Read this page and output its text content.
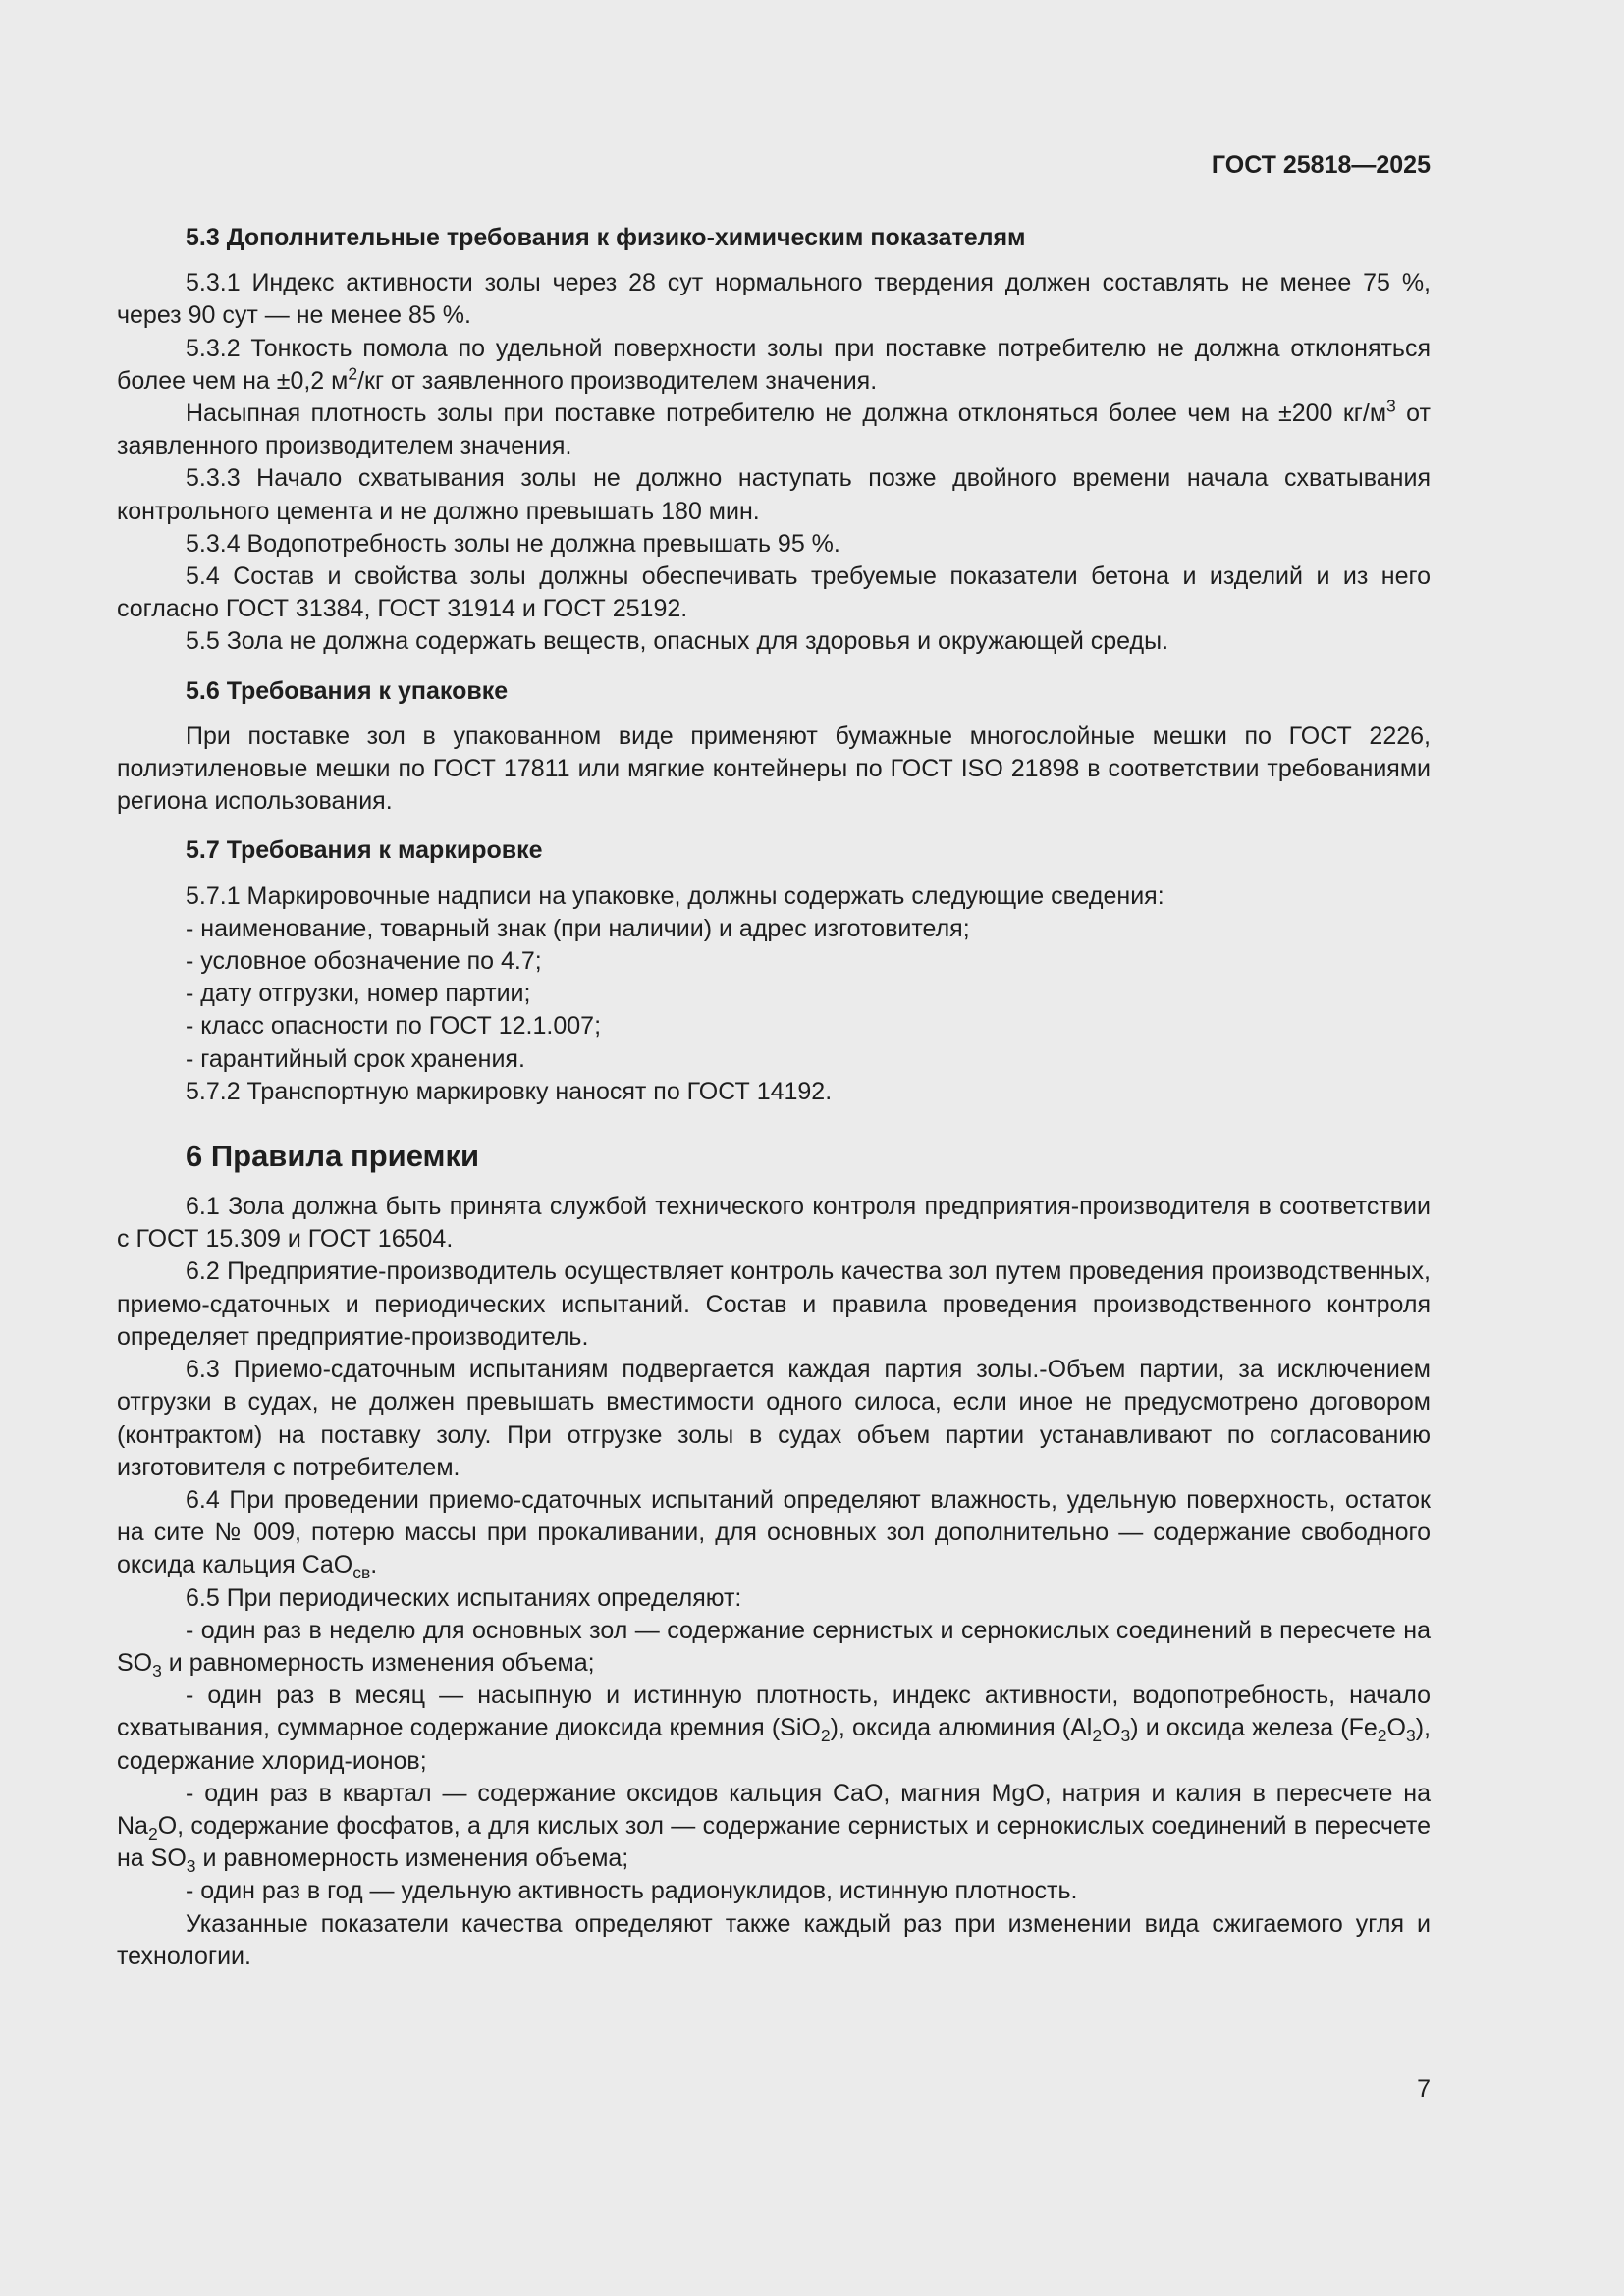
ГОСТ 25818—2025
5.3 Дополнительные требования к физико-химическим показателям

5.3.1 Индекс активности золы через 28 сут нормального твердения должен составлять не менее 75 %, через 90 сут — не менее 85 %.

5.3.2 Тонкость помола по удельной поверхности золы при поставке потребителю не должна отклоняться более чем на ±0,2 $м^2/кг$ от заявленного производителем значения.

Насыпная плотность золы при поставке потребителю не должна отклоняться более чем на ±200 $кг/м^3$ от заявленного производителем значения.

5.3.3 Начало схватывания золы не должно наступать позже двойного времени начала схватывания контрольного цемента и не должно превышать 180 мин.

5.3.4 Водопотребность золы не должна превышать 95 %.

5.4 Состав и свойства золы должны обеспечивать требуемые показатели бетона и изделий и из него согласно ГОСТ 31384, ГОСТ 31914 и ГОСТ 25192.

5.5 Зола не должна содержать веществ, опасных для здоровья и окружающей среды.

5.6 Требования к упаковке

При поставке зол в упакованном виде применяют бумажные многослойные мешки по ГОСТ 2226, полиэтиленовые мешки по ГОСТ 17811 или мягкие контейнеры по ГОСТ ISO 21898 в соответствии требованиями региона использования.

5.7 Требования к маркировке

5.7.1 Маркировочные надписи на упаковке, должны содержать следующие сведения:

- наименование, товарный знак (при наличии) и адрес изготовителя;
- условное обозначение по 4.7;
- дату отгрузки, номер партии;
- класс опасности по ГОСТ 12.1.007;
- гарантийный срок хранения.

5.7.2 Транспортную маркировку наносят по ГОСТ 14192.

6 Правила приемки

6.1 Зола должна быть принята службой технического контроля предприятия-производителя в соответствии с ГОСТ 15.309 и ГОСТ 16504.

6.2 Предприятие-производитель осуществляет контроль качества зол путем проведения производственных, приемо-сдаточных и периодических испытаний. Состав и правила проведения производственного контроля определяет предприятие-производитель.

6.3 Приемо-сдаточным испытаниям подвергается каждая партия золы.-Объем партии, за исключением отгрузки в судах, не должен превышать вместимости одного силоса, если иное не предусмотрено договором (контрактом) на поставку золу. При отгрузке золы в судах объем партии устанавливают по согласованию изготовителя с потребителем.

6.4 При проведении приемо-сдаточных испытаний определяют влажность, удельную поверхность, остаток на сите № 009, потерю массы при прокаливании, для основных зол дополнительно — содержание свободного оксида кальция CaO$_{св}$.

6.5 При периодических испытаниях определяют:

- один раз в неделю для основных зол — содержание сернистых и сернокислых соединений в пересчете на $SO_3$ и равномерность изменения объема;

- один раз в месяц — насыпную и истинную плотность, индекс активности, водопотребность, начало схватывания, суммарное содержание диоксида кремния (SiO$_2$), оксида алюминия $(Al_2O_3)$ и оксида железа $(Fe_2O_3)$, содержание хлорид-ионов;

- один раз в квартал — содержание оксидов кальция CaO, магния MgO, натрия и калия в пересчете на $Na_2O$, содержание фосфатов, а для кислых зол — содержание сернистых и сернокислых соединений в пересчете на $SO_3$ и равномерность изменения объема;

- один раз в год — удельную активность радионуклидов, истинную плотность.

Указанные показатели качества определяют также каждый раз при изменении вида сжигаемого угля и технологии.

7
